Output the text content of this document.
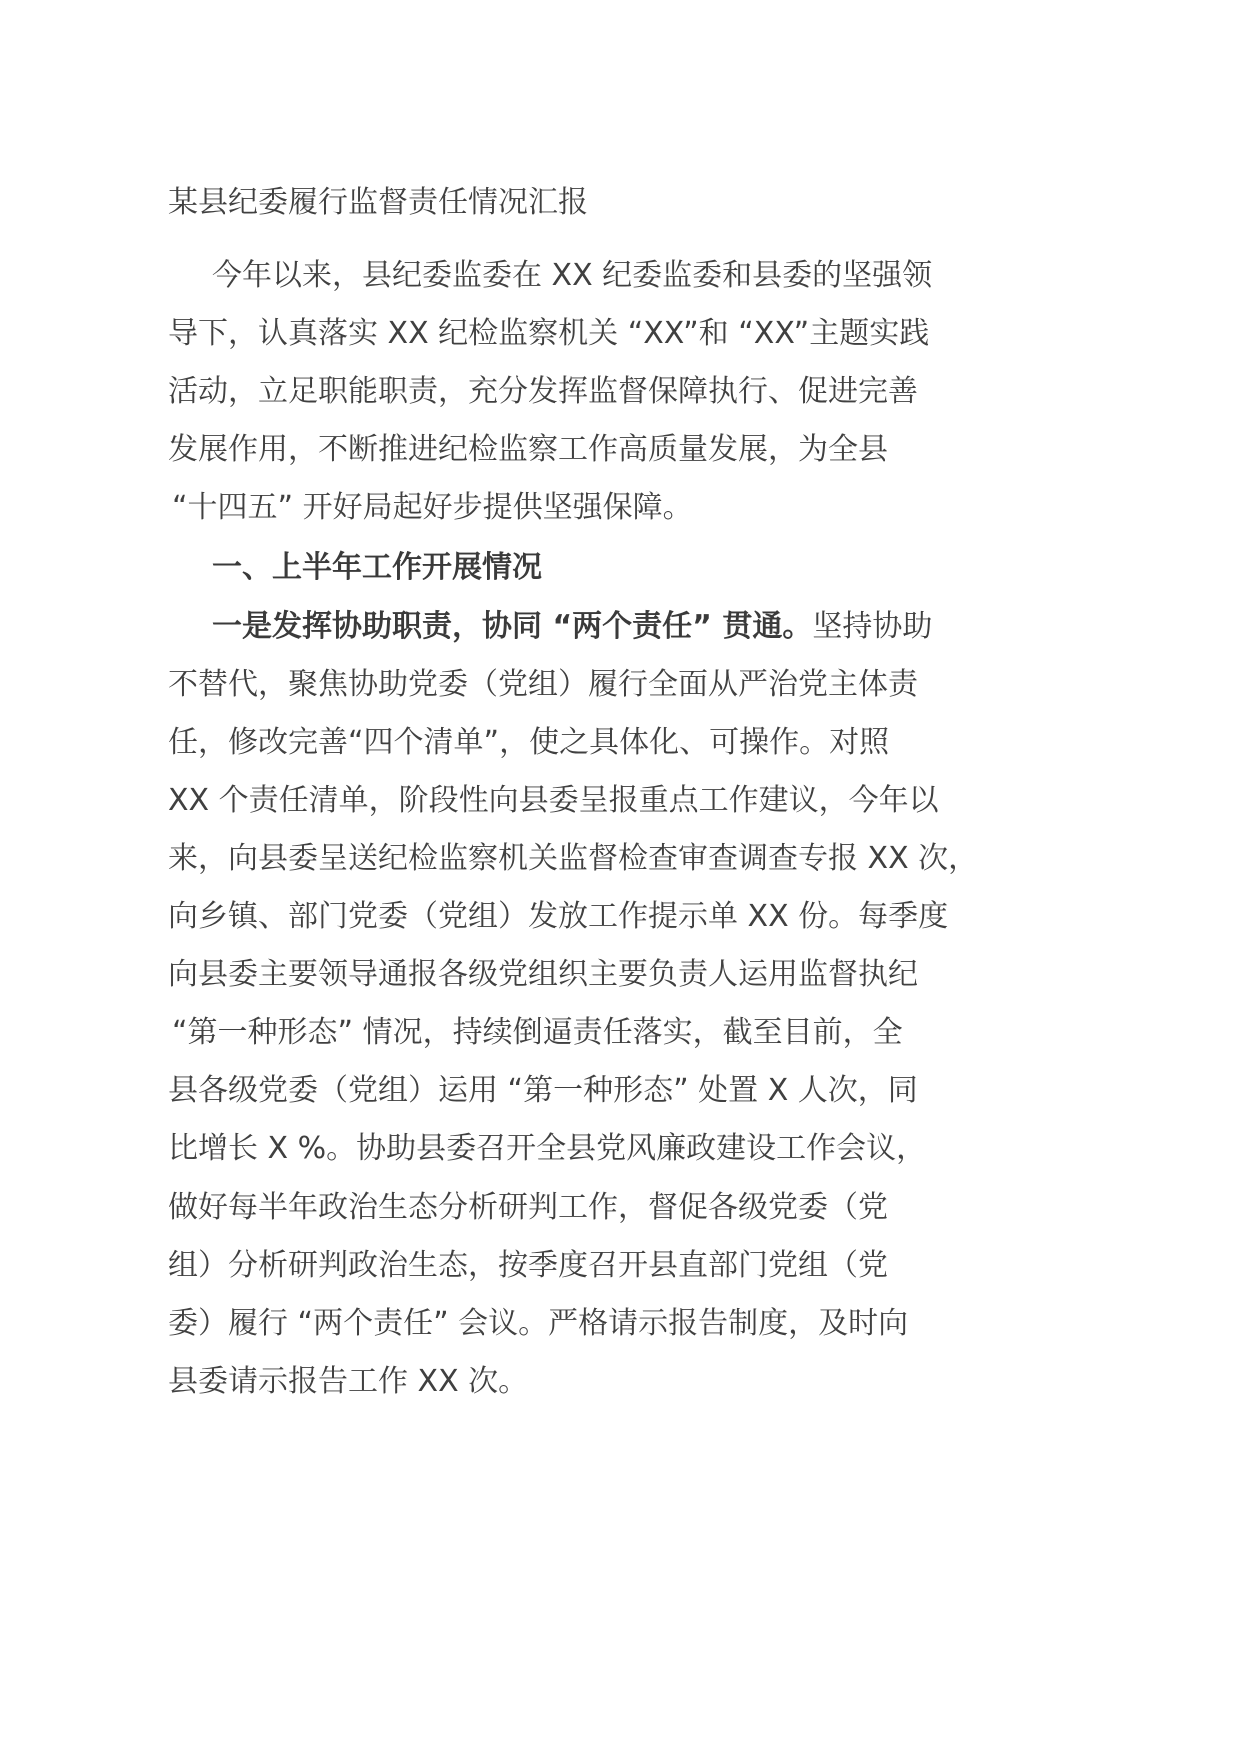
某县纪委履行监督责任情况汇报
今年以来，县纪委监委在 XX 纪委监委和县委的坚强领
导下，认真落实 XX 纪检监察机关 “XX”和 “XX”主题实践
活动，立足职能职责，充分发挥监督保障执行、促进完善
发展作用，不断推进纪检监察工作高质量发展，为全县
“十四五” 开好局起好步提供坚强保障。
一、上半年工作开展情况
一是发挥协助职责，协同 “两个责任” 贯通。坚持协助
不替代，聚焦协助党委（党组）履行全面从严治党主体责
任，修改完善“四个清单”，使之具体化、可操作。对照
XX 个责任清单，阶段性向县委呈报重点工作建议，今年以
来，向县委呈送纪检监察机关监督检查审查调查专报 XX 次，
向乡镇、部门党委（党组）发放工作提示单 XX 份。每季度
向县委主要领导通报各级党组织主要负责人运用监督执纪
“第一种形态” 情况，持续倒逼责任落实，截至目前，全
县各级党委（党组）运用 “第一种形态” 处置 X 人次，同
比增长 X %。协助县委召开全县党风廉政建设工作会议，
做好每半年政治生态分析研判工作，督促各级党委（党
组）分析研判政治生态，按季度召开县直部门党组（党
委）履行 “两个责任” 会议。严格请示报告制度，及时向
县委请示报告工作 XX 次。
